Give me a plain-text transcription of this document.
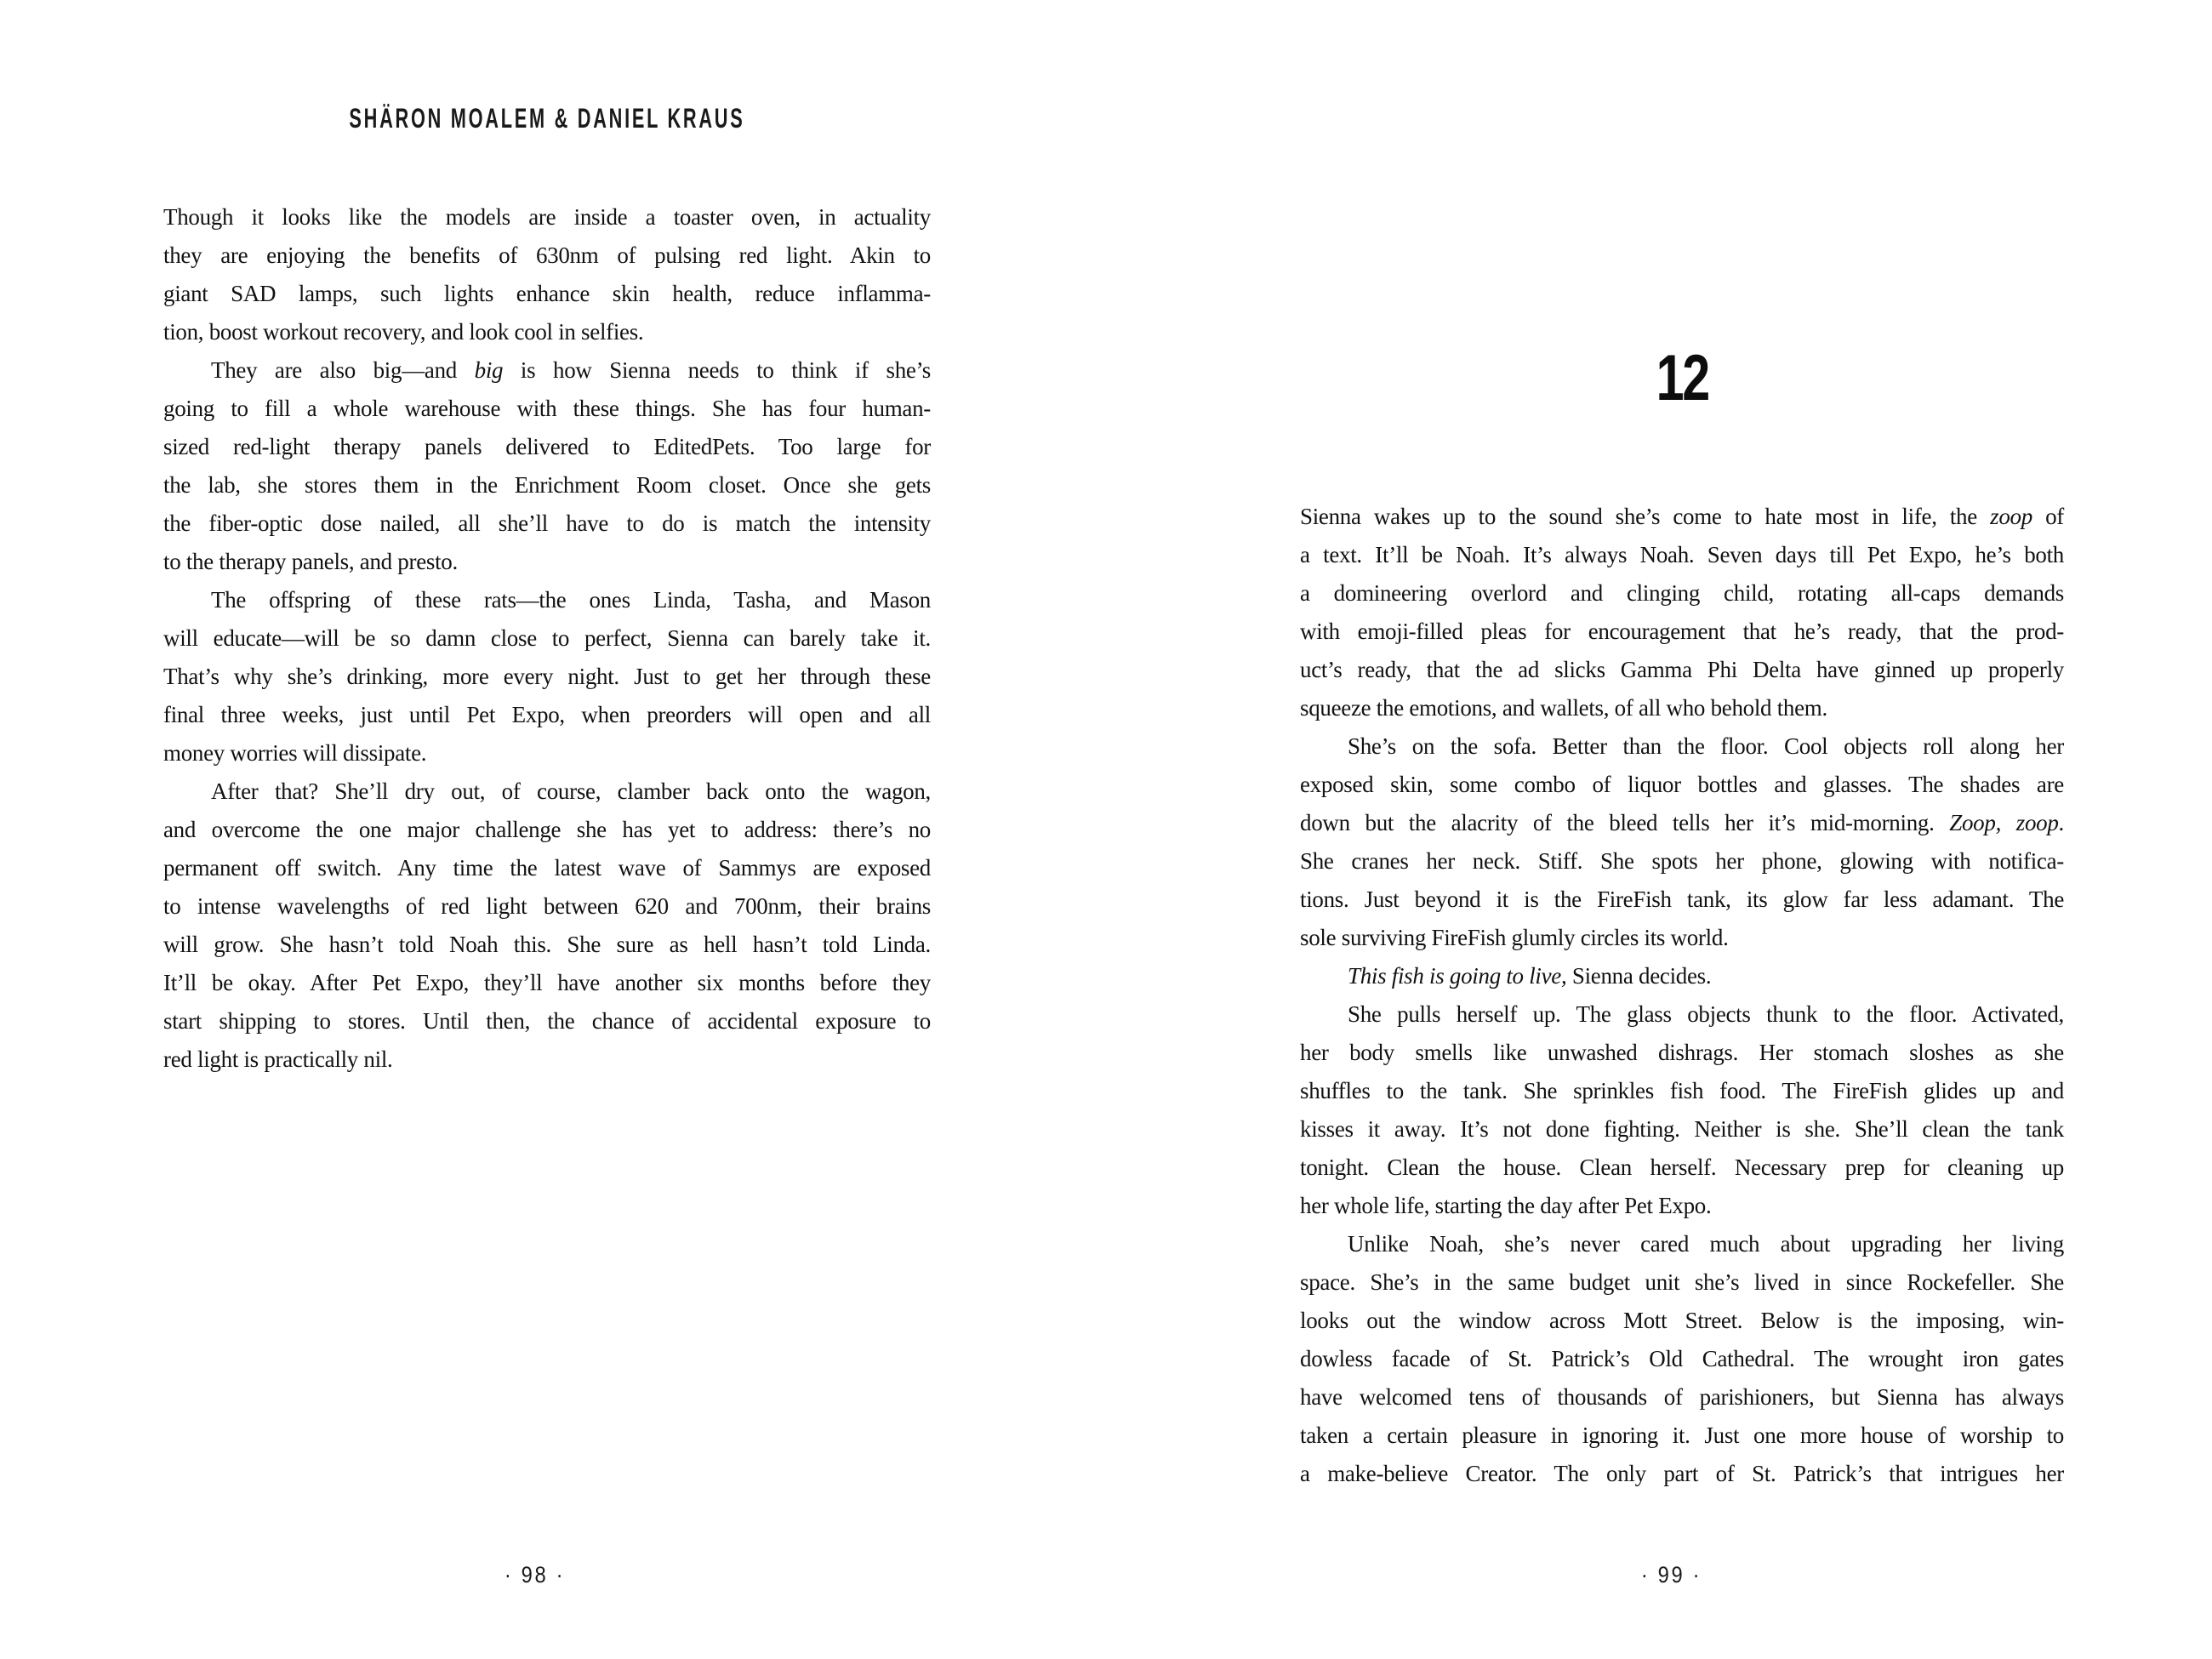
SHÄRON MOALEM & DANIEL KRAUS
Though it looks like the models are inside a toaster oven, in actuality
they are enjoying the benefits of 630nm of pulsing red light. Akin to
giant SAD lamps, such lights enhance skin health, reduce inflamma-
tion, boost workout recovery, and look cool in selfies.
They are also big—and big is how Sienna needs to think if she’s
going to fill a whole warehouse with these things. She has four human-
sized red-light therapy panels delivered to EditedPets. Too large for
the lab, she stores them in the Enrichment Room closet. Once she gets
the fiber-optic dose nailed, all she’ll have to do is match the intensity
to the therapy panels, and presto.
The offspring of these rats—the ones Linda, Tasha, and Mason
will educate—will be so damn close to perfect, Sienna can barely take it.
That’s why she’s drinking, more every night. Just to get her through these
final three weeks, just until Pet Expo, when preorders will open and all
money worries will dissipate.
After that? She’ll dry out, of course, clamber back onto the wagon,
and overcome the one major challenge she has yet to address: there’s no
permanent off switch. Any time the latest wave of Sammys are exposed
to intense wavelengths of red light between 620 and 700nm, their brains
will grow. She hasn’t told Noah this. She sure as hell hasn’t told Linda.
It’ll be okay. After Pet Expo, they’ll have another six months before they
start shipping to stores. Until then, the chance of accidental exposure to
red light is practically nil.
· 98 ·
12
Sienna wakes up to the sound she’s come to hate most in life, the zoop of
a text. It’ll be Noah. It’s always Noah. Seven days till Pet Expo, he’s both
a domineering overlord and clinging child, rotating all-caps demands
with emoji-filled pleas for encouragement that he’s ready, that the prod-
uct’s ready, that the ad slicks Gamma Phi Delta have ginned up properly
squeeze the emotions, and wallets, of all who behold them.
She’s on the sofa. Better than the floor. Cool objects roll along her
exposed skin, some combo of liquor bottles and glasses. The shades are
down but the alacrity of the bleed tells her it’s mid-morning. Zoop, zoop.
She cranes her neck. Stiff. She spots her phone, glowing with notifica-
tions. Just beyond it is the FireFish tank, its glow far less adamant. The
sole surviving FireFish glumly circles its world.
This fish is going to live, Sienna decides.
She pulls herself up. The glass objects thunk to the floor. Activated,
her body smells like unwashed dishrags. Her stomach sloshes as she
shuffles to the tank. She sprinkles fish food. The FireFish glides up and
kisses it away. It’s not done fighting. Neither is she. She’ll clean the tank
tonight. Clean the house. Clean herself. Necessary prep for cleaning up
her whole life, starting the day after Pet Expo.
Unlike Noah, she’s never cared much about upgrading her living
space. She’s in the same budget unit she’s lived in since Rockefeller. She
looks out the window across Mott Street. Below is the imposing, win-
dowless facade of St. Patrick’s Old Cathedral. The wrought iron gates
have welcomed tens of thousands of parishioners, but Sienna has always
taken a certain pleasure in ignoring it. Just one more house of worship to
a make-believe Creator. The only part of St. Patrick’s that intrigues her
· 99 ·
